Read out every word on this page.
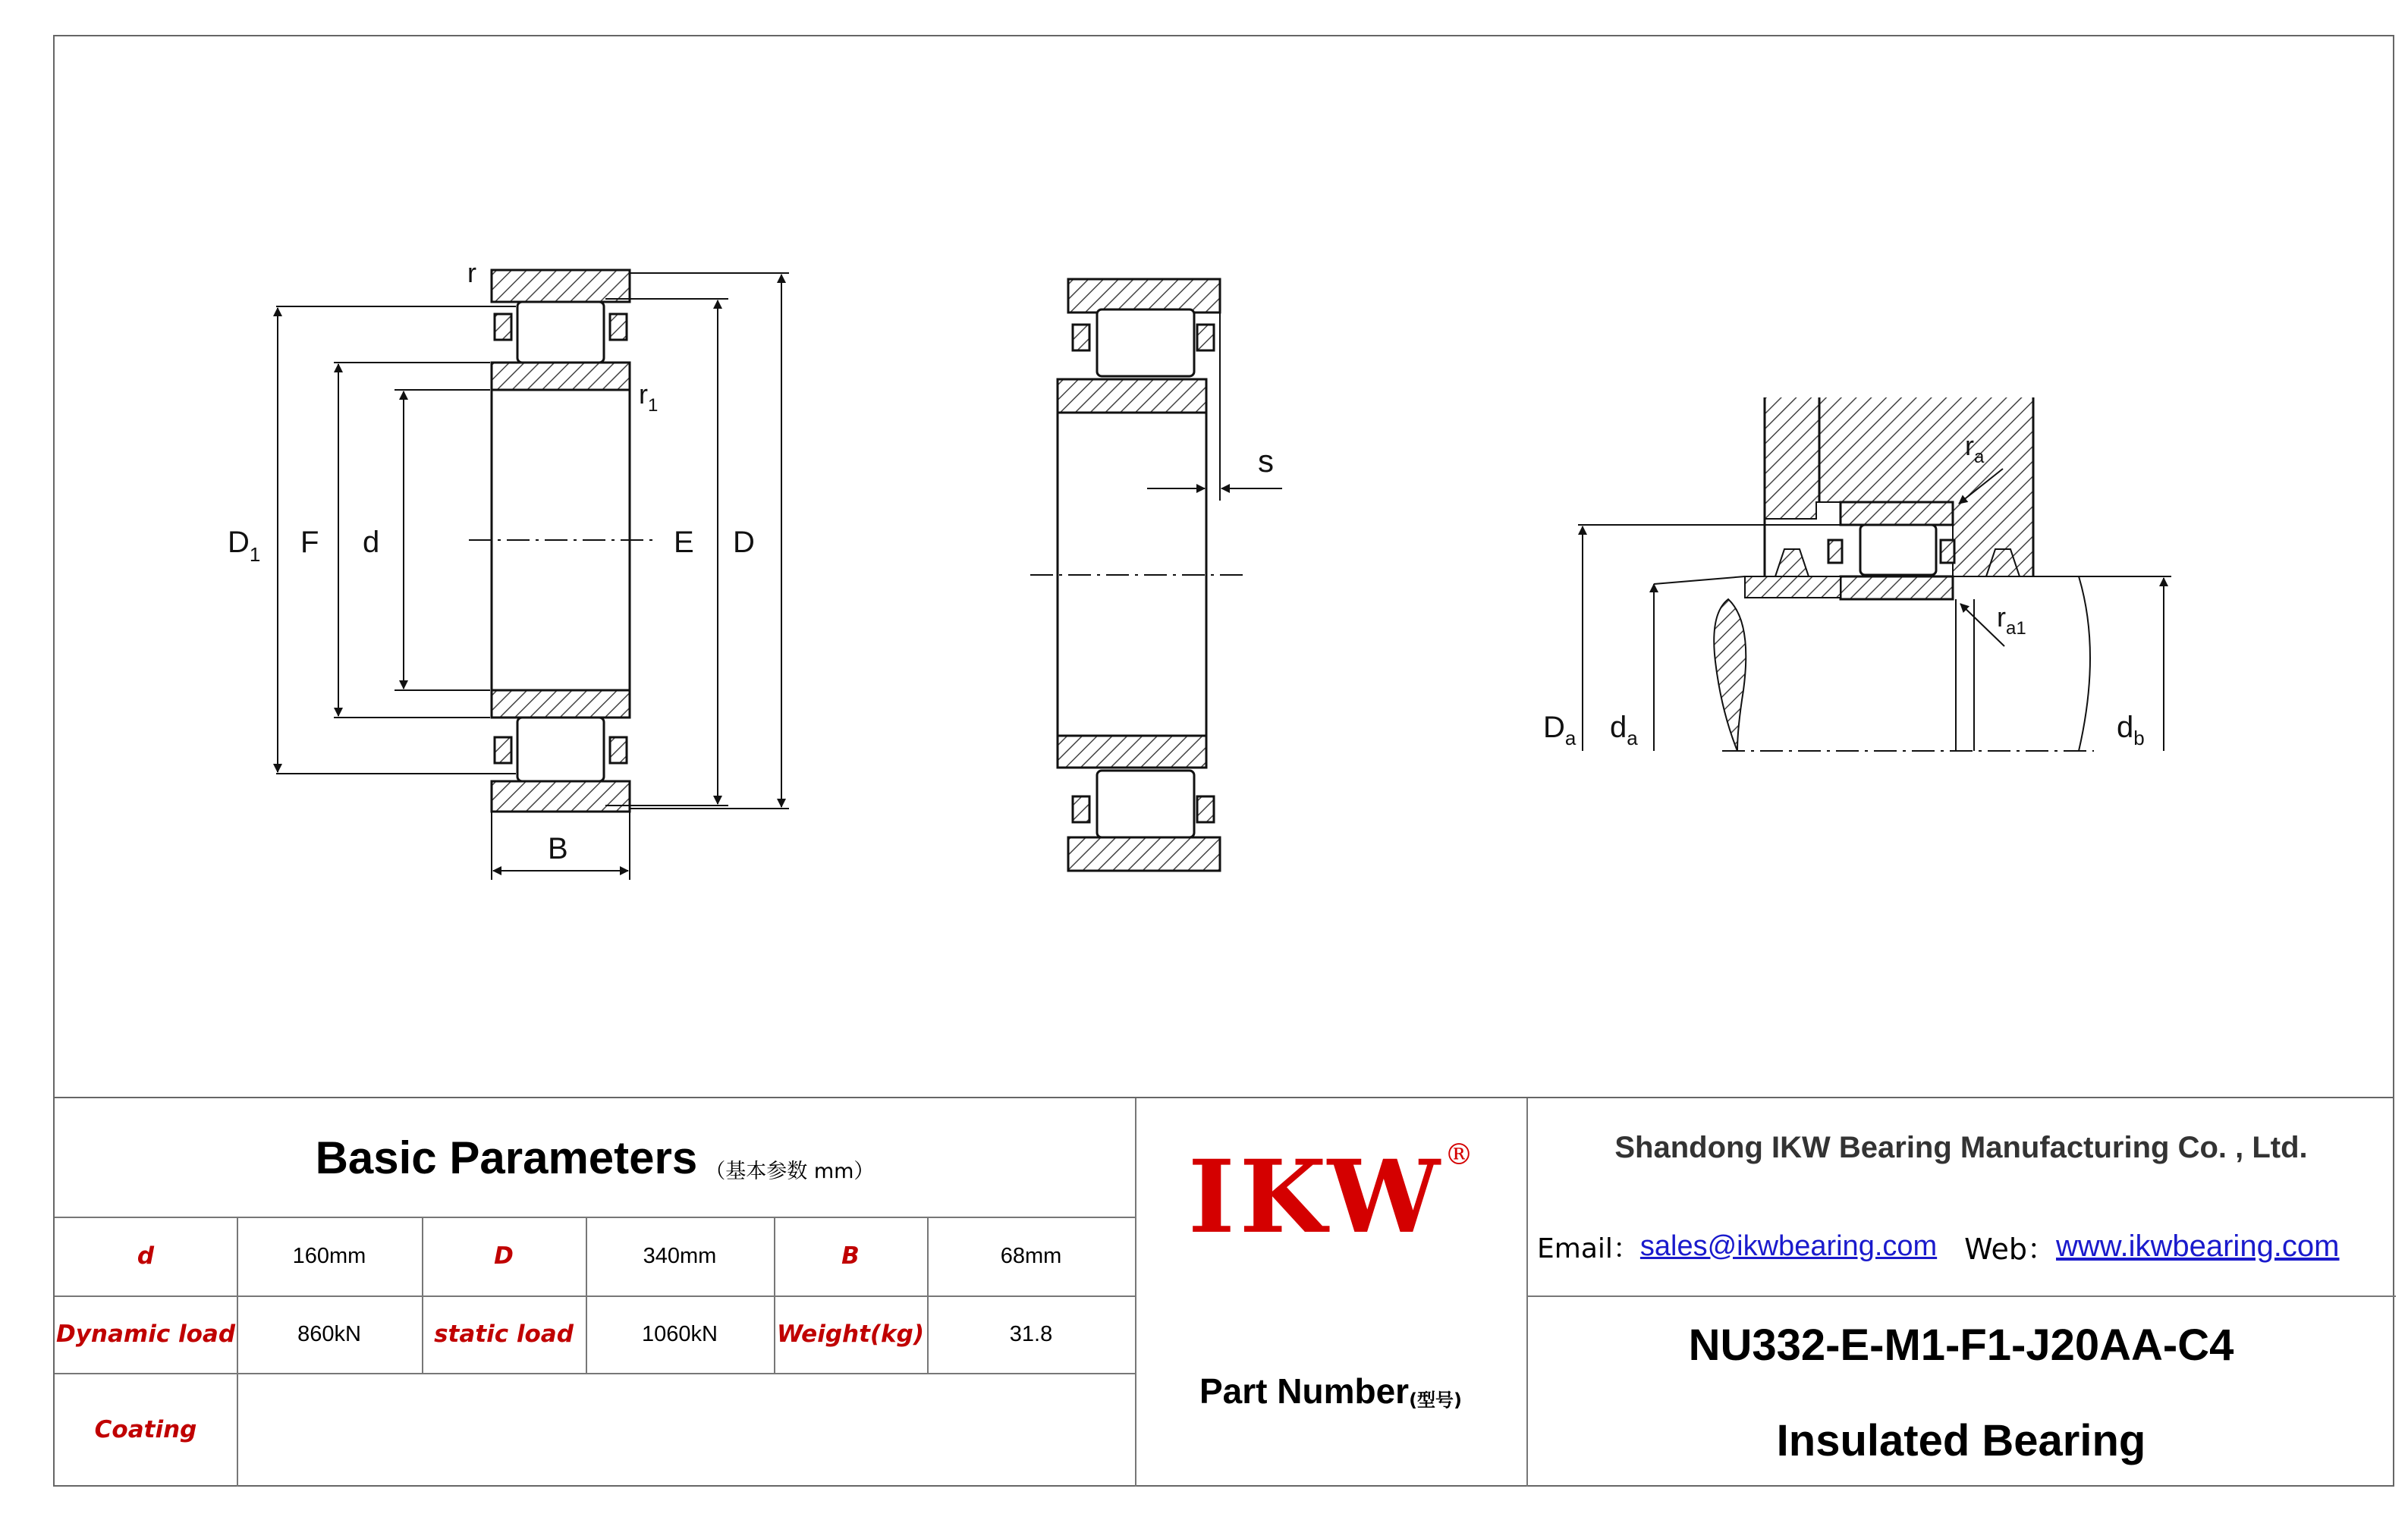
r
$r_1$
$D_1$ F d	E D
B
s	$r_a$
$r_{a1}$
$D_a$ $d_a$	$d_b$
Basic Parameters （基本参数 mm）
d	160mm	D	340mm	B	68mm
Dynamic load	860kN	static load	1060kN	Weight(kg)	31.8
Coating
IKW ®
Part Number (型号)
Shandong IKW Bearing Manufacturing Co. , Ltd.
Email： sales@ikwbearing.com Web： www.ikwbearing.com
NU332-E-M1-F1-J20AA-C4
Insulated Bearing
